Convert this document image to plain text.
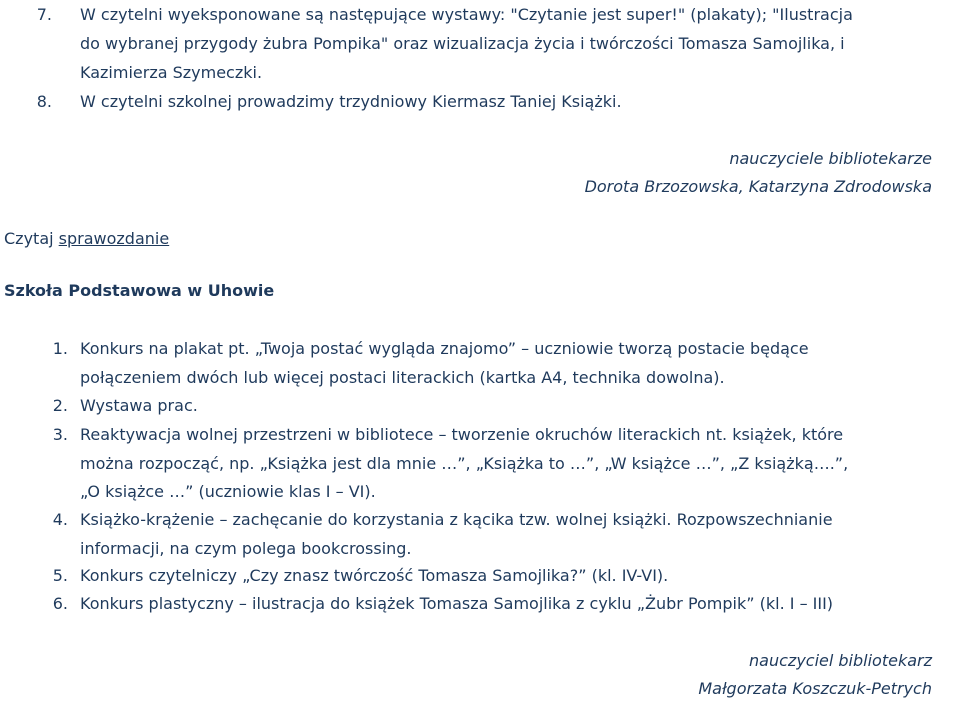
7. W czytelni wyeksponowane są następujące wystawy: "Czytanie jest super!" (plakaty); "Ilustracja
do wybranej przygody żubra Pompika" oraz wizualizacja życia i twórczości Tomasza Samojlika, i
Kazimierza Szymeczki.
8. W czytelni szkolnej prowadzimy trzydniowy Kiermasz Taniej Książki.
nauczyciele bibliotekarze
Dorota Brzozowska, Katarzyna Zdrodowska
Czytaj sprawozdanie
Szkoła Podstawowa w Uhowie
1. Konkurs na plakat pt. „Twoja postać wygląda znajomo” – uczniowie tworzą postacie będące
połączeniem dwóch lub więcej postaci literackich (kartka A4, technika dowolna).
2. Wystawa prac.
3. Reaktywacja wolnej przestrzeni w bibliotece – tworzenie okruchów literackich nt. książek, które
można rozpocząć, np. „Książka jest dla mnie …”, „Książka to …”, „W książce …”, „Z książką….”,
„O książce …” (uczniowie klas I – VI).
4. Książko-krążenie – zachęcanie do korzystania z kącika tzw. wolnej książki. Rozpowszechnianie
informacji, na czym polega bookcrossing.
5. Konkurs czytelniczy „Czy znasz twórczość Tomasza Samojlika?” (kl. IV-VI).
6. Konkurs plastyczny – ilustracja do książek Tomasza Samojlika z cyklu „Żubr Pompik” (kl. I – III)
nauczyciel bibliotekarz
Małgorzata Koszczuk-Petrych
